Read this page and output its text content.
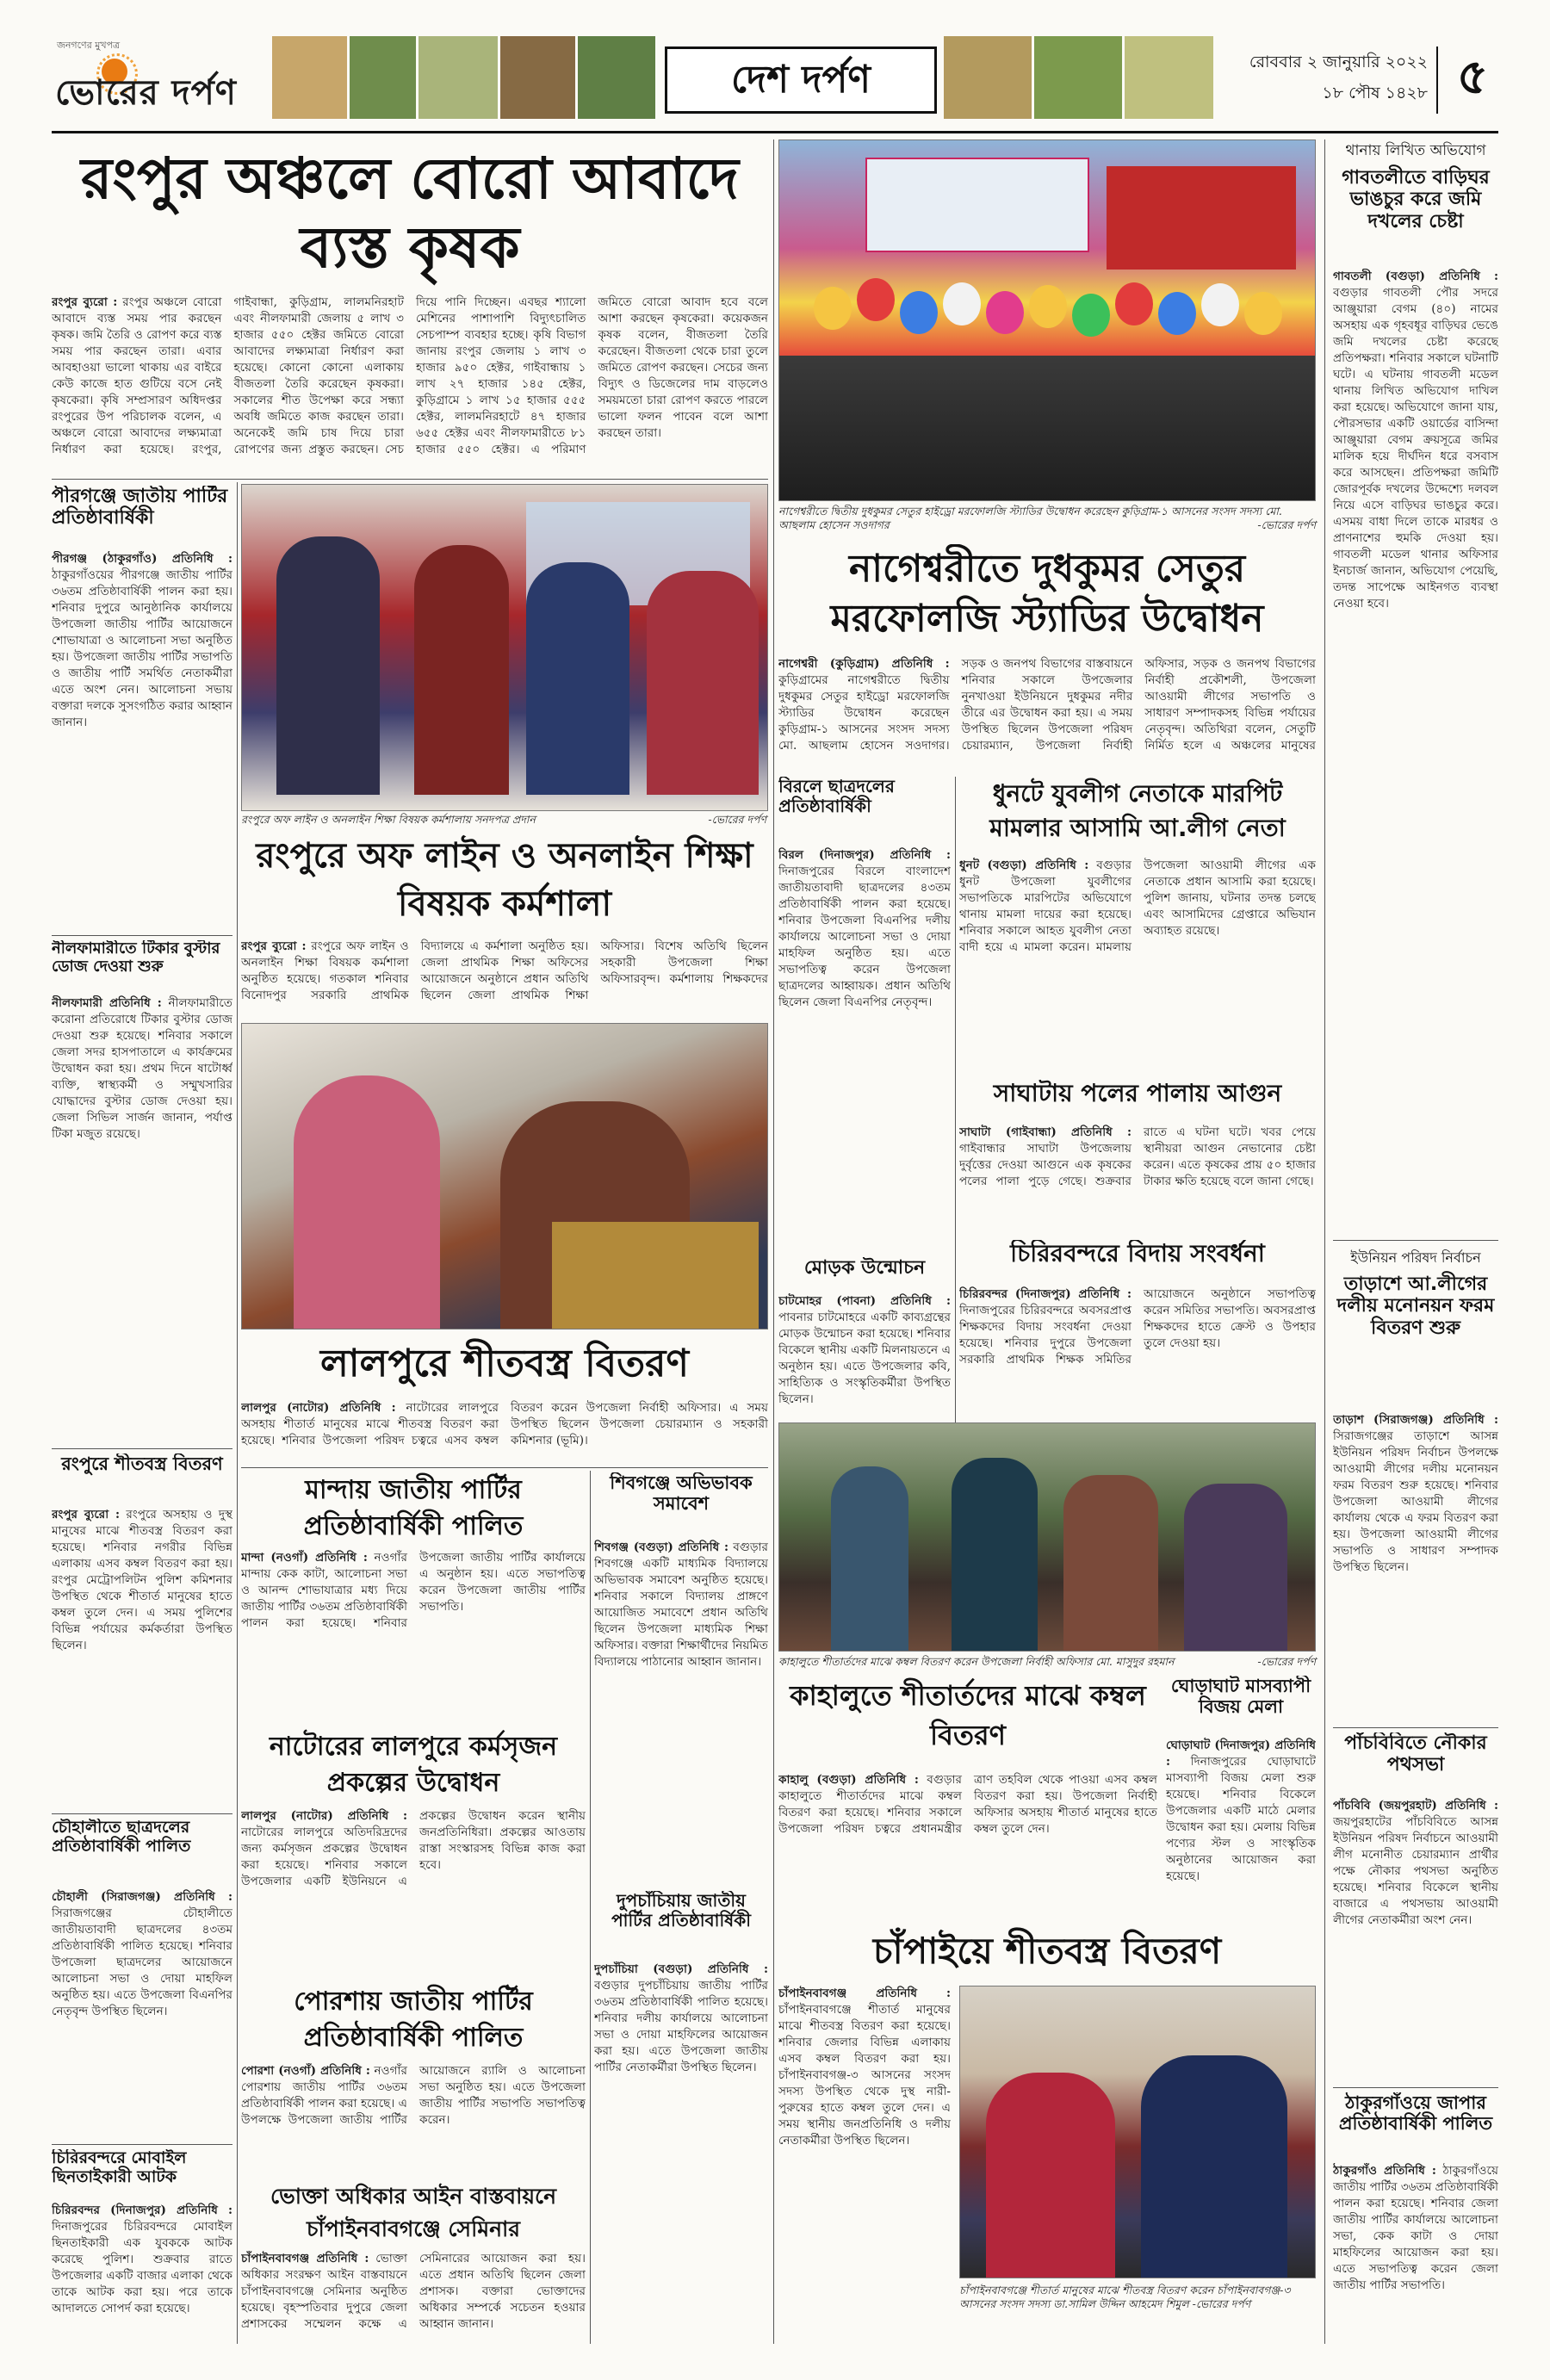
জনগণের মুখপত্র
ভোরের দর্পণ	দেশ দর্পণ	রোববার ২ জানুয়ারি ২০২২
১৮ পৌষ ১৪২৮ ৫
রংপুর অঞ্চলে বোরো আবাদে ব্যস্ত কৃষক
রংপুর ব্যুরো : রংপুর অঞ্চলে বোরো আবাদে ব্যস্ত সময় পার করছেন কৃষক। জমি তৈরি ও রোপণ করে ব্যস্ত সময় পার করছেন তারা। এবার আবহাওয়া ভালো থাকায় এর বাইরে কেউ কাজে হাত গুটিয়ে বসে নেই কৃষকেরা। কৃষি সম্প্রসারণ অধিদপ্তর রংপুরের উপ পরিচালক বলেন, এ অঞ্চলে বোরো আবাদের লক্ষ্যমাত্রা নির্ধারণ করা হয়েছে। রংপুর, গাইবান্ধা, কুড়িগ্রাম, লালমনিরহাট এবং নীলফামারী জেলায় ৫ লাখ ৩ হাজার ৫৫০ হেক্টর জমিতে বোরো আবাদের লক্ষ্যমাত্রা নির্ধারণ করা হয়েছে। কোনো কোনো এলাকায় বীজতলা তৈরি করেছেন কৃষকরা। সকালের শীত উপেক্ষা করে সন্ধ্যা অবধি জমিতে কাজ করছেন তারা। অনেকেই জমি চাষ দিয়ে চারা রোপণের জন্য প্রস্তুত করছেন। সেচ দিয়ে পানি দিচ্ছেন। এবছর শ্যালো মেশিনের পাশাপাশি বিদ্যুৎচালিত সেচপাম্প ব্যবহার হচ্ছে। কৃষি বিভাগ জানায় রংপুর জেলায় ১ লাখ ৩ হাজার ৯৫০ হেক্টর, গাইবান্ধায় ১ লাখ ২৭ হাজার ১৪৫ হেক্টর, কুড়িগ্রামে ১ লাখ ১৫ হাজার ৫৫৫ হেক্টর, লালমনিরহাটে ৪৭ হাজার ৬৫৫ হেক্টর এবং নীলফামারীতে ৮১ হাজার ৫৫০ হেক্টর। এ পরিমাণ জমিতে বোরো আবাদ হবে বলে আশা করছেন কৃষকেরা। কয়েকজন কৃষক বলেন, বীজতলা তৈরি করেছেন। বীজতলা থেকে চারা তুলে জমিতে রোপণ করছেন। সেচের জন্য বিদ্যুৎ ও ডিজেলের দাম বাড়লেও সময়মতো চারা রোপণ করতে পারলে ভালো ফলন পাবেন বলে আশা করছেন তারা।
পীরগঞ্জে জাতীয় পার্টির প্রতিষ্ঠাবার্ষিকী
পীরগঞ্জ (ঠাকুরগাঁও) প্রতিনিধি : ঠাকুরগাঁওয়ের পীরগঞ্জে জাতীয় পার্টির ৩৬তম প্রতিষ্ঠাবার্ষিকী পালন করা হয়। শনিবার দুপুরে আনুষ্ঠানিক কার্যালয়ে উপজেলা জাতীয় পার্টির আয়োজনে শোভাযাত্রা ও আলোচনা সভা অনুষ্ঠিত হয়। উপজেলা জাতীয় পার্টির সভাপতি ও জাতীয় পার্টি সমর্থিত নেতাকর্মীরা এতে অংশ নেন। আলোচনা সভায় বক্তারা দলকে সুসংগঠিত করার আহ্বান জানান।
রংপুরে অফ লাইন ও অনলাইন শিক্ষা বিষয়ক কর্মশালায় সনদপত্র প্রদান	-ভোরের দর্পণ
নাগেশ্বরীতে দ্বিতীয় দুধকুমর সেতুর হাইড্রো মরফোলজি স্ট্যাডির উদ্বোধন করেছেন কুড়িগ্রাম-১ আসনের সংসদ সদস্য মো. আছলাম হোসেন সওদাগর	-ভোরের দর্পণ
নাগেশ্বরীতে দুধকুমর সেতুর মরফোলজি স্ট্যাডির উদ্বোধন
নাগেশ্বরী (কুড়িগ্রাম) প্রতিনিধি : কুড়িগ্রামের নাগেশ্বরীতে দ্বিতীয় দুধকুমর সেতুর হাইড্রো মরফোলজি স্ট্যাডির উদ্বোধন করেছেন কুড়িগ্রাম-১ আসনের সংসদ সদস্য মো. আছলাম হোসেন সওদাগর। সড়ক ও জনপথ বিভাগের বাস্তবায়নে শনিবার সকালে উপজেলার নুনখাওয়া ইউনিয়নে দুধকুমর নদীর তীরে এর উদ্বোধন করা হয়। এ সময় উপস্থিত ছিলেন উপজেলা পরিষদ চেয়ারম্যান, উপজেলা নির্বাহী অফিসার, সড়ক ও জনপথ বিভাগের নির্বাহী প্রকৌশলী, উপজেলা আওয়ামী লীগের সভাপতি ও সাধারণ সম্পাদকসহ বিভিন্ন পর্যায়ের নেতৃবৃন্দ। অতিথিরা বলেন, সেতুটি নির্মিত হলে এ অঞ্চলের মানুষের
থানায় লিখিত অভিযোগ
গাবতলীতে বাড়িঘর ভাঙচুর করে জমি দখলের চেষ্টা
গাবতলী (বগুড়া) প্রতিনিধি : বগুড়ার গাবতলী পৌর সদরে আঞ্জুয়ারা বেগম (৪০) নামের অসহায় এক গৃহবধূর বাড়িঘর ভেঙে জমি দখলের চেষ্টা করেছে প্রতিপক্ষরা। শনিবার সকালে ঘটনাটি ঘটে। এ ঘটনায় গাবতলী মডেল থানায় লিখিত অভিযোগ দাখিল করা হয়েছে। অভিযোগে জানা যায়, পৌরসভার একটি ওয়ার্ডের বাসিন্দা আঞ্জুয়ারা বেগম ক্রয়সূত্রে জমির মালিক হয়ে দীর্ঘদিন ধরে বসবাস করে আসছেন। প্রতিপক্ষরা জমিটি জোরপূর্বক দখলের উদ্দেশ্যে দলবল নিয়ে এসে বাড়িঘর ভাঙচুর করে। এসময় বাধা দিলে তাকে মারধর ও প্রাণনাশের হুমকি দেওয়া হয়। গাবতলী মডেল থানার অফিসার ইনচার্জ জানান, অভিযোগ পেয়েছি, তদন্ত সাপেক্ষে আইনগত ব্যবস্থা নেওয়া হবে।
ইউনিয়ন পরিষদ নির্বাচন
তাড়াশে আ.লীগের দলীয় মনোনয়ন ফরম বিতরণ শুরু
তাড়াশ (সিরাজগঞ্জ) প্রতিনিধি : সিরাজগঞ্জের তাড়াশে আসন্ন ইউনিয়ন পরিষদ নির্বাচন উপলক্ষে আওয়ামী লীগের দলীয় মনোনয়ন ফরম বিতরণ শুরু হয়েছে। শনিবার উপজেলা আওয়ামী লীগের কার্যালয় থেকে এ ফরম বিতরণ করা হয়। উপজেলা আওয়ামী লীগের সভাপতি ও সাধারণ সম্পাদক উপস্থিত ছিলেন।
পাঁচবিবিতে নৌকার পথসভা
পাঁচবিবি (জয়পুরহাট) প্রতিনিধি : জয়পুরহাটের পাঁচবিবিতে আসন্ন ইউনিয়ন পরিষদ নির্বাচনে আওয়ামী লীগ মনোনীত চেয়ারম্যান প্রার্থীর পক্ষে নৌকার পথসভা অনুষ্ঠিত হয়েছে। শনিবার বিকেলে স্থানীয় বাজারে এ পথসভায় আওয়ামী লীগের নেতাকর্মীরা অংশ নেন।
ঠাকুরগাঁওয়ে জাপার প্রতিষ্ঠাবার্ষিকী পালিত
ঠাকুরগাঁও প্রতিনিধি : ঠাকুরগাঁওয়ে জাতীয় পার্টির ৩৬তম প্রতিষ্ঠাবার্ষিকী পালন করা হয়েছে। শনিবার জেলা জাতীয় পার্টির কার্যালয়ে আলোচনা সভা, কেক কাটা ও দোয়া মাহফিলের আয়োজন করা হয়। এতে সভাপতিত্ব করেন জেলা জাতীয় পার্টির সভাপতি।
রংপুরে অফ লাইন ও অনলাইন শিক্ষা বিষয়ক কর্মশালা
রংপুর ব্যুরো : রংপুরে অফ লাইন ও অনলাইন শিক্ষা বিষয়ক কর্মশালা অনুষ্ঠিত হয়েছে। গতকাল শনিবার বিনোদপুর সরকারি প্রাথমিক বিদ্যালয়ে এ কর্মশালা অনুষ্ঠিত হয়। জেলা প্রাথমিক শিক্ষা অফিসের আয়োজনে অনুষ্ঠানে প্রধান অতিথি ছিলেন জেলা প্রাথমিক শিক্ষা অফিসার। বিশেষ অতিথি ছিলেন সহকারী উপজেলা শিক্ষা অফিসারবৃন্দ। কর্মশালায় শিক্ষকদের
নীলফামারীতে টিকার বুস্টার ডোজ দেওয়া শুরু
নীলফামারী প্রতিনিধি : নীলফামারীতে করোনা প্রতিরোধে টিকার বুস্টার ডোজ দেওয়া শুরু হয়েছে। শনিবার সকালে জেলা সদর হাসপাতালে এ কার্যক্রমের উদ্বোধন করা হয়। প্রথম দিনে ষাটোর্ধ্ব ব্যক্তি, স্বাস্থ্যকর্মী ও সম্মুখসারির যোদ্ধাদের বুস্টার ডোজ দেওয়া হয়। জেলা সিভিল সার্জন জানান, পর্যাপ্ত টিকা মজুত রয়েছে।
লালপুরে শীতবস্ত্র বিতরণ
লালপুর (নাটোর) প্রতিনিধি : নাটোরের লালপুরে অসহায় শীতার্ত মানুষের মাঝে শীতবস্ত্র বিতরণ করা হয়েছে। শনিবার উপজেলা পরিষদ চত্বরে এসব কম্বল বিতরণ করেন উপজেলা নির্বাহী অফিসার। এ সময় উপস্থিত ছিলেন উপজেলা চেয়ারম্যান ও সহকারী কমিশনার (ভূমি)।
রংপুরে শীতবস্ত্র বিতরণ
রংপুর ব্যুরো : রংপুরে অসহায় ও দুস্থ মানুষের মাঝে শীতবস্ত্র বিতরণ করা হয়েছে। শনিবার নগরীর বিভিন্ন এলাকায় এসব কম্বল বিতরণ করা হয়। রংপুর মেট্রোপলিটন পুলিশ কমিশনার উপস্থিত থেকে শীতার্ত মানুষের হাতে কম্বল তুলে দেন। এ সময় পুলিশের বিভিন্ন পর্যায়ের কর্মকর্তারা উপস্থিত ছিলেন।
চৌহালীতে ছাত্রদলের প্রতিষ্ঠাবার্ষিকী পালিত
চৌহালী (সিরাজগঞ্জ) প্রতিনিধি : সিরাজগঞ্জের চৌহালীতে জাতীয়তাবাদী ছাত্রদলের ৪৩তম প্রতিষ্ঠাবার্ষিকী পালিত হয়েছে। শনিবার উপজেলা ছাত্রদলের আয়োজনে আলোচনা সভা ও দোয়া মাহফিল অনুষ্ঠিত হয়। এতে উপজেলা বিএনপির নেতৃবৃন্দ উপস্থিত ছিলেন।
চিরিরবন্দরে মোবাইল ছিনতাইকারী আটক
চিরিরবন্দর (দিনাজপুর) প্রতিনিধি : দিনাজপুরের চিরিরবন্দরে মোবাইল ছিনতাইকারী এক যুবককে আটক করেছে পুলিশ। শুক্রবার রাতে উপজেলার একটি বাজার এলাকা থেকে তাকে আটক করা হয়। পরে তাকে আদালতে সোপর্দ করা হয়েছে।
বিরলে ছাত্রদলের প্রতিষ্ঠাবার্ষিকী
বিরল (দিনাজপুর) প্রতিনিধি : দিনাজপুরের বিরলে বাংলাদেশ জাতীয়তাবাদী ছাত্রদলের ৪৩তম প্রতিষ্ঠাবার্ষিকী পালন করা হয়েছে। শনিবার উপজেলা বিএনপির দলীয় কার্যালয়ে আলোচনা সভা ও দোয়া মাহফিল অনুষ্ঠিত হয়। এতে সভাপতিত্ব করেন উপজেলা ছাত্রদলের আহ্বায়ক। প্রধান অতিথি ছিলেন জেলা বিএনপির নেতৃবৃন্দ।
ধুনটে যুবলীগ নেতাকে মারপিট মামলার আসামি আ.লীগ নেতা
ধুনট (বগুড়া) প্রতিনিধি : বগুড়ার ধুনট উপজেলা যুবলীগের সভাপতিকে মারপিটের অভিযোগে থানায় মামলা দায়ের করা হয়েছে। শনিবার সকালে আহত যুবলীগ নেতা বাদী হয়ে এ মামলা করেন। মামলায় উপজেলা আওয়ামী লীগের এক নেতাকে প্রধান আসামি করা হয়েছে। পুলিশ জানায়, ঘটনার তদন্ত চলছে এবং আসামিদের গ্রেপ্তারে অভিযান অব্যাহত রয়েছে।
সাঘাটায় পলের পালায় আগুন
সাঘাটা (গাইবান্ধা) প্রতিনিধি : গাইবান্ধার সাঘাটা উপজেলায় দুর্বৃত্তের দেওয়া আগুনে এক কৃষকের পলের পালা পুড়ে গেছে। শুক্রবার রাতে এ ঘটনা ঘটে। খবর পেয়ে স্থানীয়রা আগুন নেভানোর চেষ্টা করেন। এতে কৃষকের প্রায় ৫০ হাজার টাকার ক্ষতি হয়েছে বলে জানা গেছে।
চিরিরবন্দরে বিদায় সংবর্ধনা
চিরিরবন্দর (দিনাজপুর) প্রতিনিধি : দিনাজপুরের চিরিরবন্দরে অবসরপ্রাপ্ত শিক্ষকদের বিদায় সংবর্ধনা দেওয়া হয়েছে। শনিবার দুপুরে উপজেলা সরকারি প্রাথমিক শিক্ষক সমিতির আয়োজনে অনুষ্ঠানে সভাপতিত্ব করেন সমিতির সভাপতি। অবসরপ্রাপ্ত শিক্ষকদের হাতে ক্রেস্ট ও উপহার তুলে দেওয়া হয়।
মোড়ক উন্মোচন
চাটমোহর (পাবনা) প্রতিনিধি : পাবনার চাটমোহরে একটি কাব্যগ্রন্থের মোড়ক উন্মোচন করা হয়েছে। শনিবার বিকেলে স্থানীয় একটি মিলনায়তনে এ অনুষ্ঠান হয়। এতে উপজেলার কবি, সাহিত্যিক ও সংস্কৃতিকর্মীরা উপস্থিত ছিলেন।
কাহালুতে শীতার্তদের মাঝে কম্বল বিতরণ করেন উপজেলা নির্বাহী অফিসার মো. মাসুদুর রহমান	-ভোরের দর্পণ
কাহালুতে শীতার্তদের মাঝে কম্বল বিতরণ
কাহালু (বগুড়া) প্রতিনিধি : বগুড়ার কাহালুতে শীতার্তদের মাঝে কম্বল বিতরণ করা হয়েছে। শনিবার সকালে উপজেলা পরিষদ চত্বরে প্রধানমন্ত্রীর ত্রাণ তহবিল থেকে পাওয়া এসব কম্বল বিতরণ করা হয়। উপজেলা নির্বাহী অফিসার অসহায় শীতার্ত মানুষের হাতে কম্বল তুলে দেন।
ঘোড়াঘাট মাসব্যাপী বিজয় মেলা
ঘোড়াঘাট (দিনাজপুর) প্রতিনিধি : দিনাজপুরের ঘোড়াঘাটে মাসব্যাপী বিজয় মেলা শুরু হয়েছে। শনিবার বিকেলে উপজেলার একটি মাঠে মেলার উদ্বোধন করা হয়। মেলায় বিভিন্ন পণ্যের স্টল ও সাংস্কৃতিক অনুষ্ঠানের আয়োজন করা হয়েছে।
চাঁপাইয়ে শীতবস্ত্র বিতরণ
চাঁপাইনবাবগঞ্জ প্রতিনিধি : চাঁপাইনবাবগঞ্জে শীতার্ত মানুষের মাঝে শীতবস্ত্র বিতরণ করা হয়েছে। শনিবার জেলার বিভিন্ন এলাকায় এসব কম্বল বিতরণ করা হয়। চাঁপাইনবাবগঞ্জ-৩ আসনের সংসদ সদস্য উপস্থিত থেকে দুস্থ নারী-পুরুষের হাতে কম্বল তুলে দেন। এ সময় স্থানীয় জনপ্রতিনিধি ও দলীয় নেতাকর্মীরা উপস্থিত ছিলেন।
চাঁপাইনবাবগঞ্জে শীতার্ত মানুষের মাঝে শীতবস্ত্র বিতরণ করেন চাঁপাইনবাবগঞ্জ-৩ আসনের সংসদ সদস্য ডা.সামিল উদ্দিন আহমেদ শিমুল -ভোরের দর্পণ
মান্দায় জাতীয় পার্টির প্রতিষ্ঠাবার্ষিকী পালিত
মান্দা (নওগাঁ) প্রতিনিধি : নওগাঁর মান্দায় কেক কাটা, আলোচনা সভা ও আনন্দ শোভাযাত্রার মধ্য দিয়ে জাতীয় পার্টির ৩৬তম প্রতিষ্ঠাবার্ষিকী পালন করা হয়েছে। শনিবার উপজেলা জাতীয় পার্টির কার্যালয়ে এ অনুষ্ঠান হয়। এতে সভাপতিত্ব করেন উপজেলা জাতীয় পার্টির সভাপতি।
শিবগঞ্জে অভিভাবক সমাবেশ
শিবগঞ্জ (বগুড়া) প্রতিনিধি : বগুড়ার শিবগঞ্জে একটি মাধ্যমিক বিদ্যালয়ে অভিভাবক সমাবেশ অনুষ্ঠিত হয়েছে। শনিবার সকালে বিদ্যালয় প্রাঙ্গণে আয়োজিত সমাবেশে প্রধান অতিথি ছিলেন উপজেলা মাধ্যমিক শিক্ষা অফিসার। বক্তারা শিক্ষার্থীদের নিয়মিত বিদ্যালয়ে পাঠানোর আহ্বান জানান।
নাটোরের লালপুরে কর্মসৃজন প্রকল্পের উদ্বোধন
লালপুর (নাটোর) প্রতিনিধি : নাটোরের লালপুরে অতিদরিদ্রদের জন্য কর্মসৃজন প্রকল্পের উদ্বোধন করা হয়েছে। শনিবার সকালে উপজেলার একটি ইউনিয়নে এ প্রকল্পের উদ্বোধন করেন স্থানীয় জনপ্রতিনিধিরা। প্রকল্পের আওতায় রাস্তা সংস্কারসহ বিভিন্ন কাজ করা হবে।
দুপচাঁচিয়ায় জাতীয় পার্টির প্রতিষ্ঠাবার্ষিকী
দুপচাঁচিয়া (বগুড়া) প্রতিনিধি : বগুড়ার দুপচাঁচিয়ায় জাতীয় পার্টির ৩৬তম প্রতিষ্ঠাবার্ষিকী পালিত হয়েছে। শনিবার দলীয় কার্যালয়ে আলোচনা সভা ও দোয়া মাহফিলের আয়োজন করা হয়। এতে উপজেলা জাতীয় পার্টির নেতাকর্মীরা উপস্থিত ছিলেন।
পোরশায় জাতীয় পার্টির প্রতিষ্ঠাবার্ষিকী পালিত
পোরশা (নওগাঁ) প্রতিনিধি : নওগাঁর পোরশায় জাতীয় পার্টির ৩৬তম প্রতিষ্ঠাবার্ষিকী পালন করা হয়েছে। এ উপলক্ষে উপজেলা জাতীয় পার্টির আয়োজনে র‍্যালি ও আলোচনা সভা অনুষ্ঠিত হয়। এতে উপজেলা জাতীয় পার্টির সভাপতি সভাপতিত্ব করেন।
ভোক্তা অধিকার আইন বাস্তবায়নে চাঁপাইনবাবগঞ্জে সেমিনার
চাঁপাইনবাবগঞ্জ প্রতিনিধি : ভোক্তা অধিকার সংরক্ষণ আইন বাস্তবায়নে চাঁপাইনবাবগঞ্জে সেমিনার অনুষ্ঠিত হয়েছে। বৃহস্পতিবার দুপুরে জেলা প্রশাসকের সম্মেলন কক্ষে এ সেমিনারের আয়োজন করা হয়। এতে প্রধান অতিথি ছিলেন জেলা প্রশাসক। বক্তারা ভোক্তাদের অধিকার সম্পর্কে সচেতন হওয়ার আহ্বান জানান।
